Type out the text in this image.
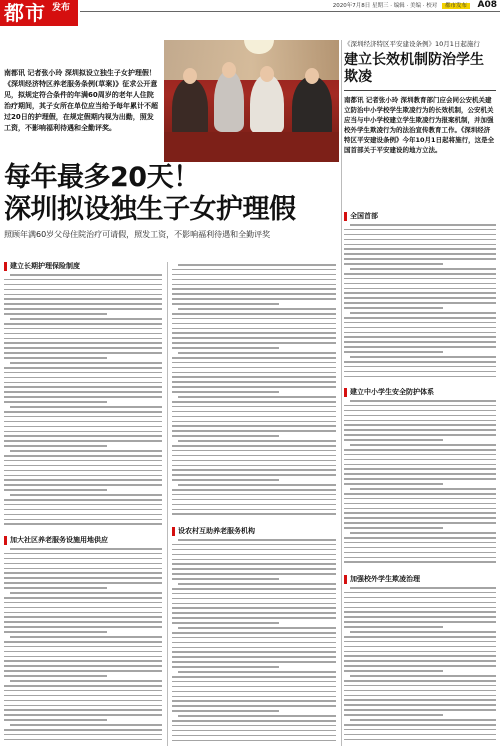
都市 发布	2020年7月8日 星期三 · 编辑 · 美编 · 校对 都市发布	A08
南都讯 记者张小玲 深圳拟设立独生子女护理假！《深圳经济特区养老服务条例(草案)》征求公开意见，拟规定符合条件的年满60周岁的老年人住院治疗期间，其子女所在单位应当给予每年累计不超过20日的护理假，在规定假期内视为出勤，照发工资，不影响福利待遇和全勤评奖。
《深圳经济特区平安建设条例》10月1日起施行
建立长效机制防治学生欺凌
南都讯 记者张小玲 深圳教育部门应会同公安机关建立防治中小学校学生欺凌行为的长效机制，公安机关应当与中小学校建立学生欺凌行为报案机制，并加强校外学生欺凌行为的法治宣传教育工作。《深圳经济特区平安建设条例》今年10月1日起将施行，这是全国首部关于平安建设的地方立法。
每年最多20天！
深圳拟设独生子女护理假
照顾年满60岁父母住院治疗可请假，照发工资，不影响福利待遇和全勤评奖
建立长期护理保险制度
加大社区养老服务设施用地供应
设农村互助养老服务机构
全国首部
建立中小学生安全防护体系
加强校外学生欺凌治理
